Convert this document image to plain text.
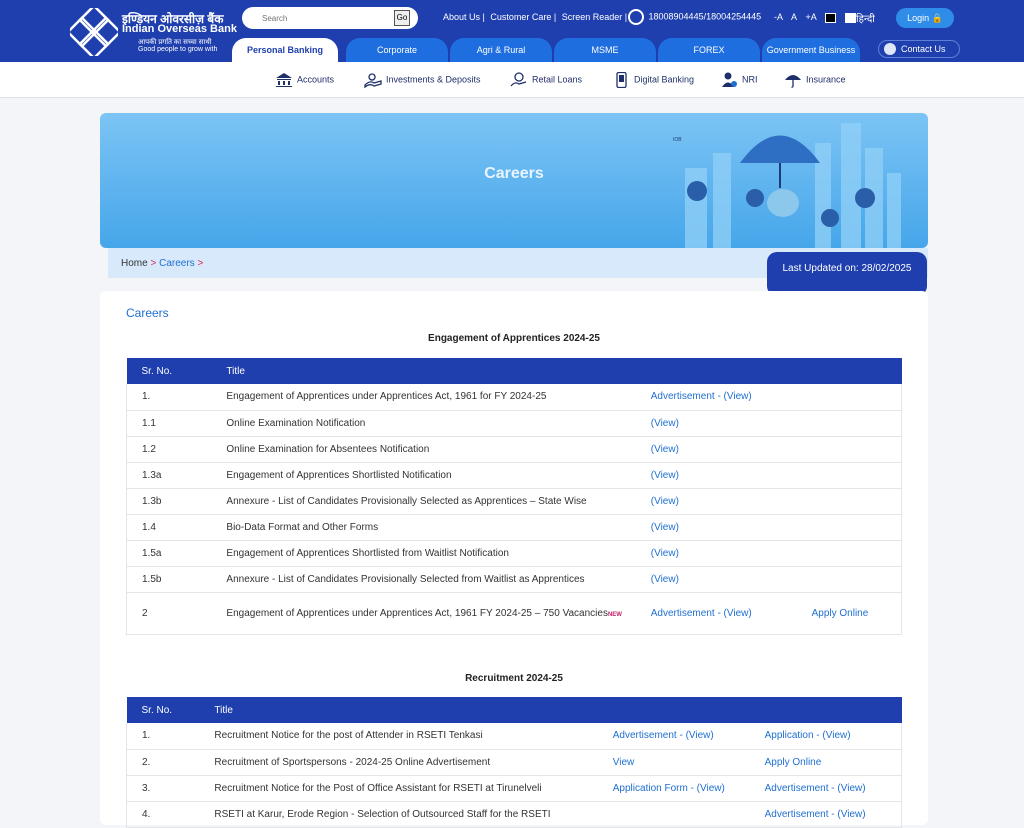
इण्डियन ओवरसीज़ बैंक
Indian Overseas Bank
आपकी प्रगति का सच्चा साथी
Good people to grow with
Search
Go	About Us | Customer Care | Screen Reader |	18008904445/18004254445 -A A +A	हिन्दी	Login 🔒
Personal Banking	Corporate	Agri & Rural	MSME	FOREX	Government Business	Contact Us
Accounts	Investments & Deposits	Retail Loans	Digital Banking	NRI	Insurance
Careers
IOB
Home > Careers >	Last Updated on: 28/02/2025
Careers
Engagement of Apprentices 2024-25
Sr. No.	Title		
1.	Engagement of Apprentices under Apprentices Act, 1961 for FY 2024-25	Advertisement - (View)	
1.1	Online Examination Notification	(View)	
1.2	Online Examination for Absentees Notification	(View)	
1.3a	Engagement of Apprentices Shortlisted Notification	(View)	
1.3b	Annexure - List of Candidates Provisionally Selected as Apprentices – State Wise	(View)	
1.4	Bio-Data Format and Other Forms	(View)	
1.5a	Engagement of Apprentices Shortlisted from Waitlist Notification	(View)	
1.5b	Annexure - List of Candidates Provisionally Selected from Waitlist as Apprentices	(View)	
2	Engagement of Apprentices under Apprentices Act, 1961 FY 2024-25 – 750 VacanciesNEW	Advertisement - (View)	Apply Online
Recruitment 2024-25
Sr. No.	Title		
1.	Recruitment Notice for the post of Attender in RSETI Tenkasi	Advertisement - (View)	Application - (View)
2.	Recruitment of Sportspersons - 2024-25 Online Advertisement	View	Apply Online
3.	Recruitment Notice for the Post of Office Assistant for RSETI at Tirunelveli	Application Form - (View)	Advertisement - (View)
4.	RSETI at Karur, Erode Region - Selection of Outsourced Staff for the RSETI		Advertisement - (View)
